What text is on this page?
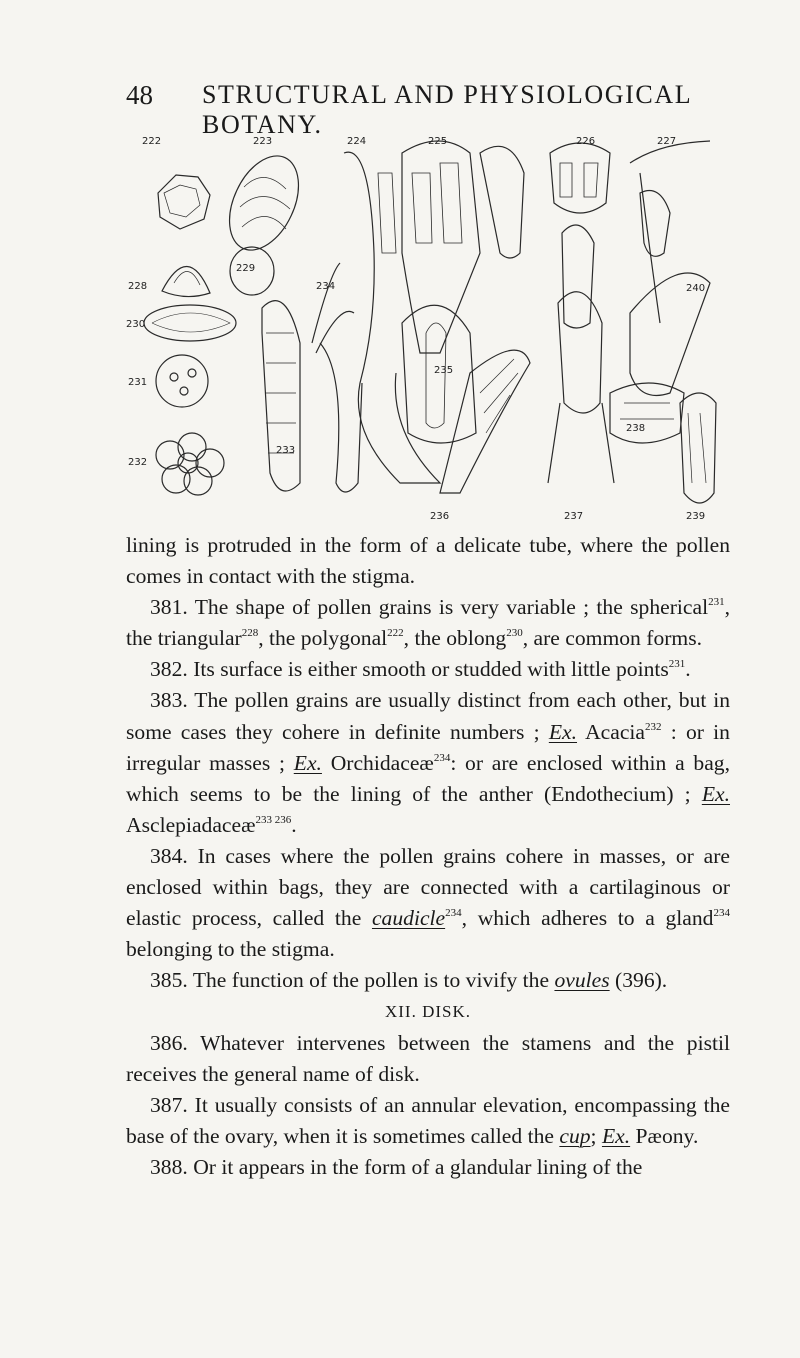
48 STRUCTURAL AND PHYSIOLOGICAL BOTANY.
222	223	224	225	226	227
228
229
230
231
232
233
234
235
236	237
238
239
240

lining is protruded in the form of a delicate tube, where the pollen comes in contact with the stigma.

381. The shape of pollen grains is very variable ; the spherical$^{231}$, the triangular$^{228}$, the polygonal$^{222}$, the oblong$^{230}$, are common forms.

382. Its surface is either smooth or studded with little points$^{231}$.

383. The pollen grains are usually distinct from each other, but in some cases they cohere in definite numbers ; Ex. Acacia$^{232}$ : or in irregular masses ; Ex. Orchidaceæ$^{234}$: or are enclosed within a bag, which seems to be the lining of the anther (Endothecium) ; Ex. Asclepiadaceæ$^{233 236}$.

384. In cases where the pollen grains cohere in masses, or are enclosed within bags, they are connected with a cartilaginous or elastic process, called the caudicle$^{234}$, which adheres to a gland$^{234}$ belonging to the stigma.

385. The function of the pollen is to vivify the ovules (396).

XII. DISK.

386. Whatever intervenes between the stamens and the pistil receives the general name of disk.

387. It usually consists of an annular elevation, encompassing the base of the ovary, when it is sometimes called the cup; Ex. Pæony.

388. Or it appears in the form of a glandular lining of the
